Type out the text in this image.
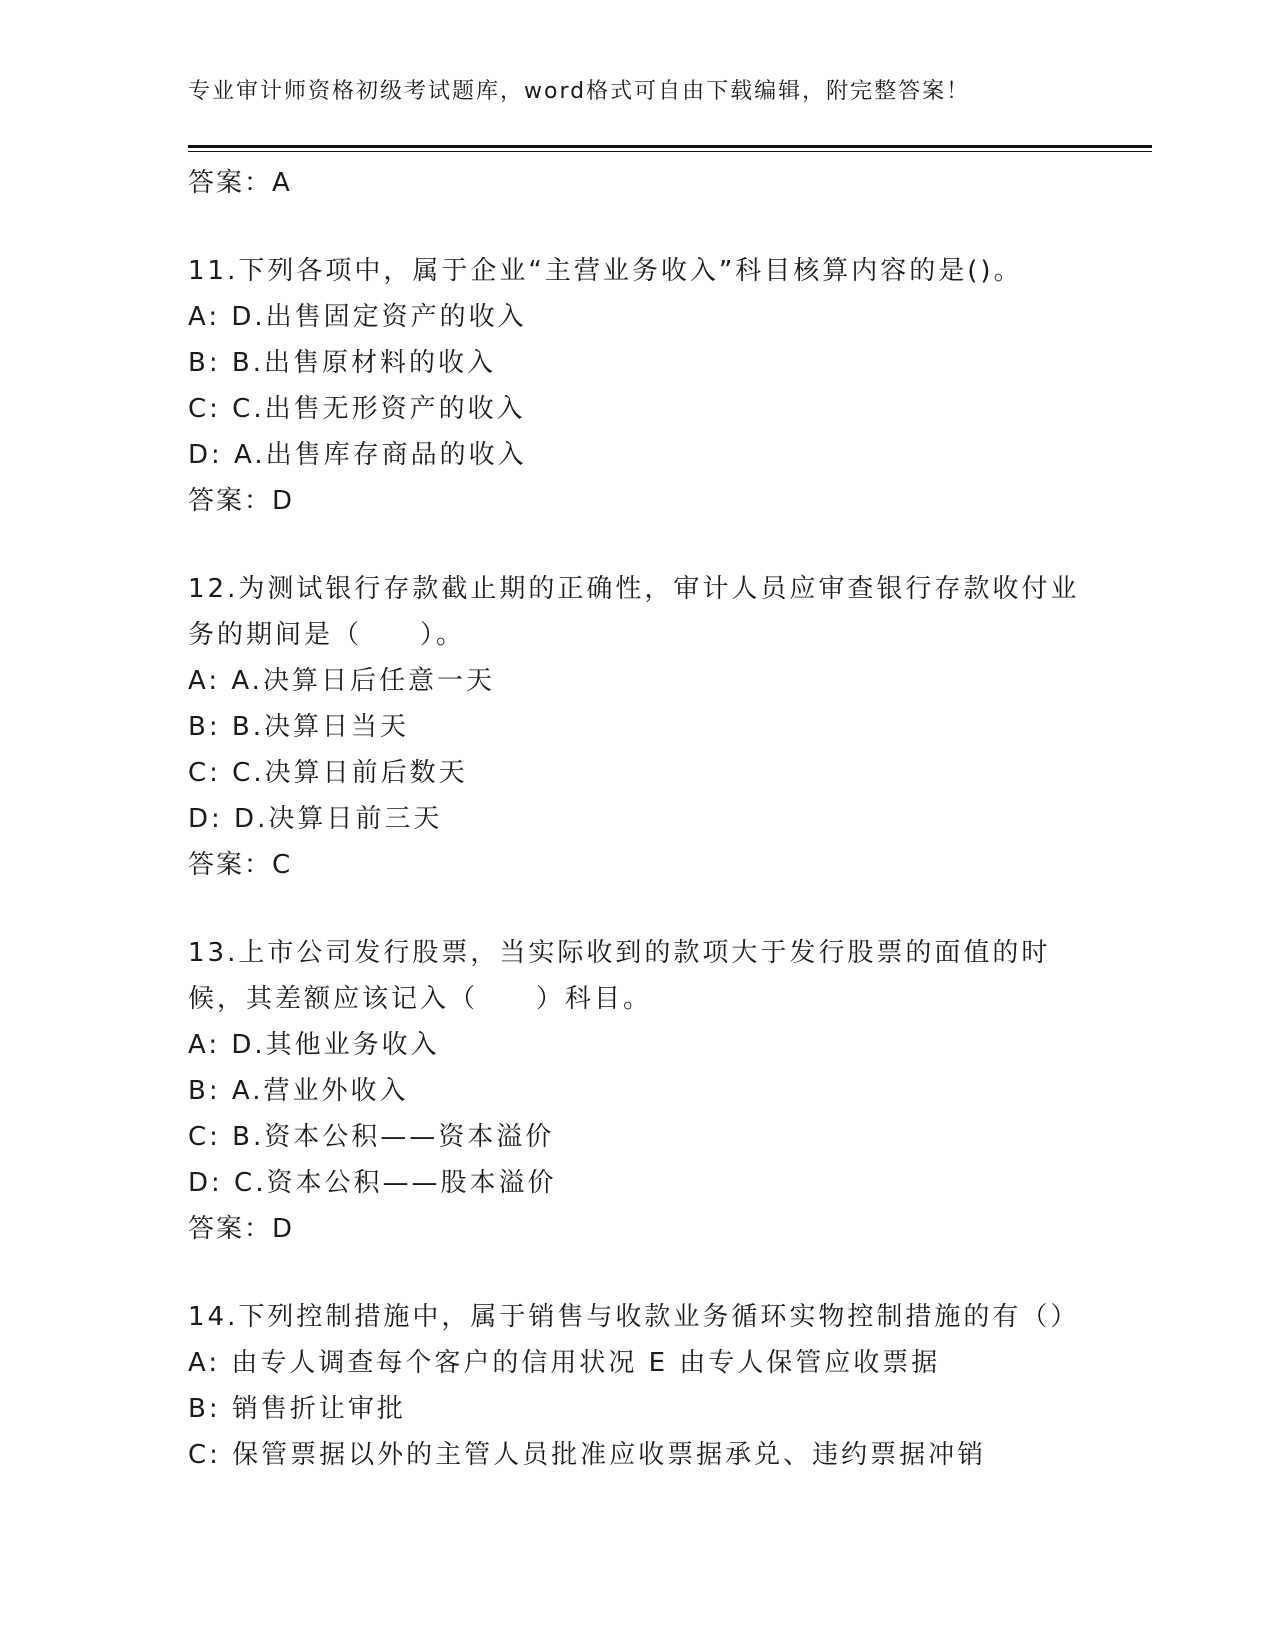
专业审计师资格初级考试题库，word格式可自由下载编辑，附完整答案！
答案：A
11.下列各项中，属于企业“主营业务收入”科目核算内容的是()。
A: D.出售固定资产的收入
B: B.出售原材料的收入
C: C.出售无形资产的收入
D: A.出售库存商品的收入
答案：D
12.为测试银行存款截止期的正确性，审计人员应审查银行存款收付业务的期间是（　　）。
A: A.决算日后任意一天
B: B.决算日当天
C: C.决算日前后数天
D: D.决算日前三天
答案：C
13.上市公司发行股票，当实际收到的款项大于发行股票的面值的时候，其差额应该记入（　　）科目。
A: D.其他业务收入
B: A.营业外收入
C: B.资本公积——资本溢价
D: C.资本公积——股本溢价
答案：D
14.下列控制措施中，属于销售与收款业务循环实物控制措施的有（）
A: 由专人调查每个客户的信用状况 E 由专人保管应收票据
B: 销售折让审批
C: 保管票据以外的主管人员批准应收票据承兑、违约票据冲销
